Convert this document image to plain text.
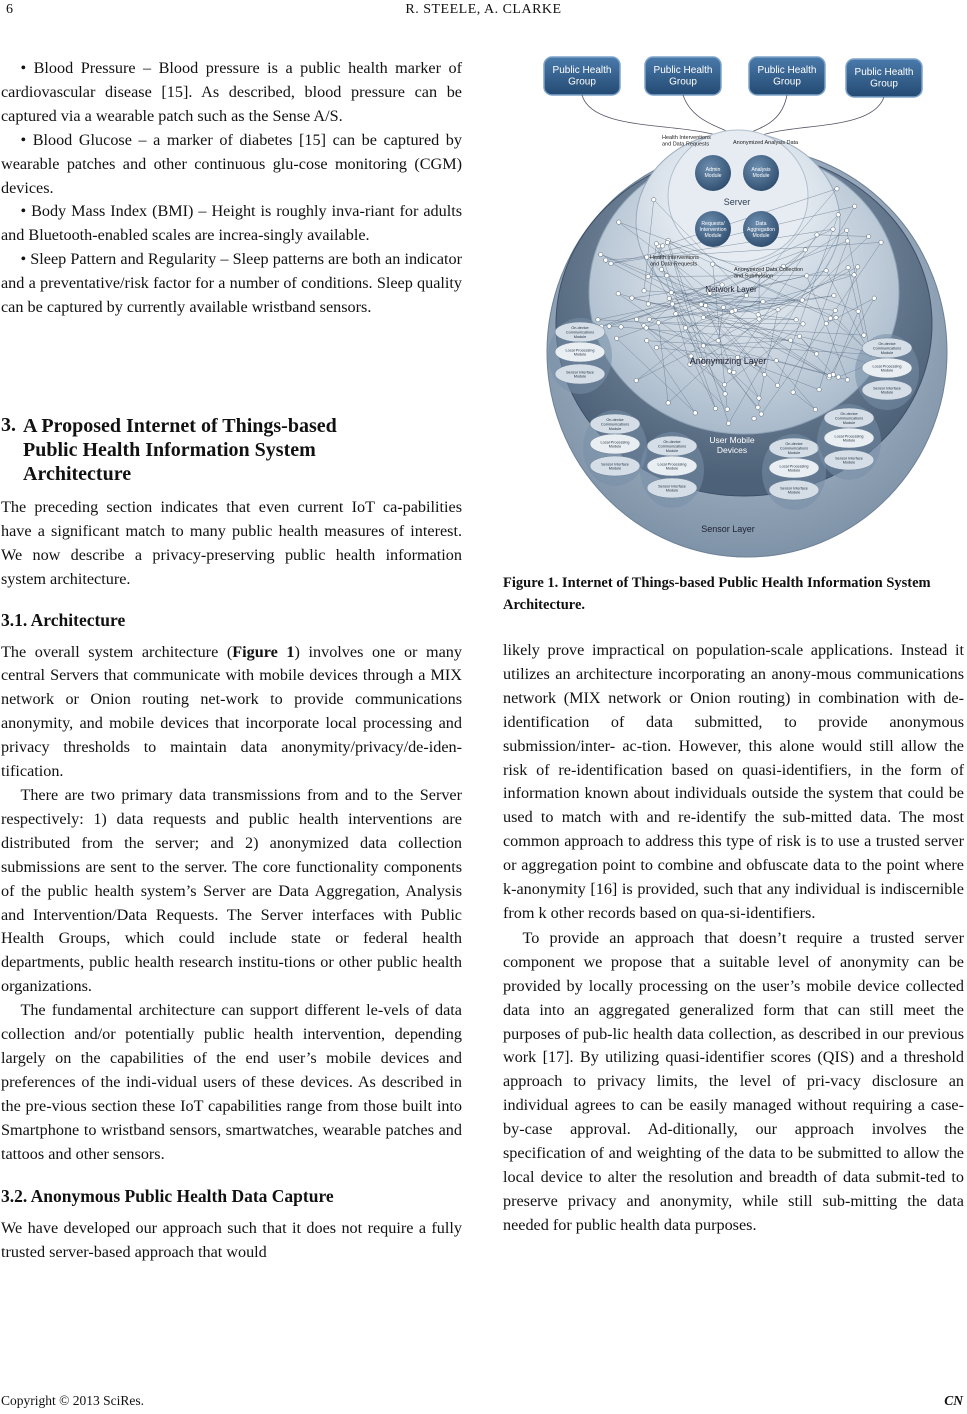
6	R. STEELE, A. CLARKE

• Blood Pressure – Blood pressure is a public health marker of cardiovascular disease [15]. As described, blood pressure can be captured via a wearable patch such as the Sense A/S.

• Blood Glucose – a marker of diabetes [15] can be captured by wearable patches and other continuous glu-cose monitoring (CGM) devices.

• Body Mass Index (BMI) – Height is roughly inva-riant for adults and Bluetooth-enabled scales are increa-singly available.

• Sleep Pattern and Regularity – Sleep patterns are both an indicator and a preventative/risk factor for a number of conditions. Sleep quality can be captured by currently available wristband sensors.

3. A Proposed Internet of Things-based
Public Health Information System
Architecture

The preceding section indicates that even current IoT ca-pabilities have a significant match to many public health measures of interest. We now describe a privacy-preserving public health information system architecture.

3.1. Architecture

The overall system architecture (Figure 1) involves one or many central Servers that communicate with mobile devices through a MIX network or Onion routing net-work to provide communications anonymity, and mobile devices that incorporate local processing and privacy thresholds to maintain data anonymity/privacy/de-iden-tification.

There are two primary data transmissions from and to the Server respectively: 1) data requests and public health interventions are distributed from the server; and 2) anonymized data collection submissions are sent to the server. The core functionality components of the public health system’s Server are Data Aggregation, Analysis and Intervention/Data Requests. The Server interfaces with Public Health Groups, which could include state or federal health departments, public health research institu-tions or other public health organizations.

The fundamental architecture can support different le-vels of data collection and/or potentially public health intervention, depending largely on the capabilities of the end user’s mobile devices and preferences of the indi-vidual users of these devices. As described in the pre-vious section these IoT capabilities range from those built into Smartphone to wristband sensors, smartwatches, wearable patches and tattoos and other sensors.

3.2. Anonymous Public Health Data Capture

We have developed our approach such that it does not require a fully trusted server-based approach that would

Public Health Group
Public Health Group
Public Health Group
Public Health Group
Admin Module
Analysis Module
Requests/ Intervention Module
Data Aggregation Module
Server
Health Interventions and Data Requests	Anonymized Analysis Data
Health Interventions and Data Requests
Anonymized Data Collection and Submission
Network Layer
Anonymizing Layer
User Mobile Devices
Sensor Layer
On-device Communications Module
Local Processing Module
Sensor Interface Module
On-device Communications Module
Local Processing Module
Sensor Interface Module
On-device Communications Module
Local Processing Module
Sensor Interface Module
On-device Communications Module
Local Processing Module
Sensor Interface Module
On-device Communications Module
Local Processing Module
Sensor Interface Module
On-device Communications Module
Local Processing Module
Sensor Interface Module
Figure 1. Internet of Things-based Public Health Information System Architecture.

likely prove impractical on population-scale applications. Instead it utilizes an architecture incorporating an anony-mous communications network (MIX network or Onion routing) in combination with de-identification of data submitted, to provide anonymous submission/inter- ac-tion. However, this alone would still allow the risk of re-identification based on quasi-identifiers, in the form of information known about individuals outside the system that could be used to match with and re-identify the sub-mitted data. The most common approach to address this type of risk is to use a trusted server or aggregation point to combine and obfuscate data to the point where k-anonymity [16] is provided, such that any individual is indiscernible from k other records based on qua-si-identifiers.

To provide an approach that doesn’t require a trusted server component we propose that a suitable level of anonymity can be provided by locally processing on the user’s mobile device collected data into an aggregated generalized form that can still meet the purposes of pub-lic health data collection, as described in our previous work [17]. By utilizing quasi-identifier scores (QIS) and a threshold approach to privacy limits, the level of pri-vacy disclosure an individual agrees to can be easily managed without requiring a case-by-case approval. Ad-ditionally, our approach involves the specification of and weighting of the data to be submitted to allow the local device to alter the resolution and breadth of data submit-ted to preserve privacy and anonymity, while still sub-mitting the data needed for public health data purposes.

Copyright © 2013 SciRes.	CN
